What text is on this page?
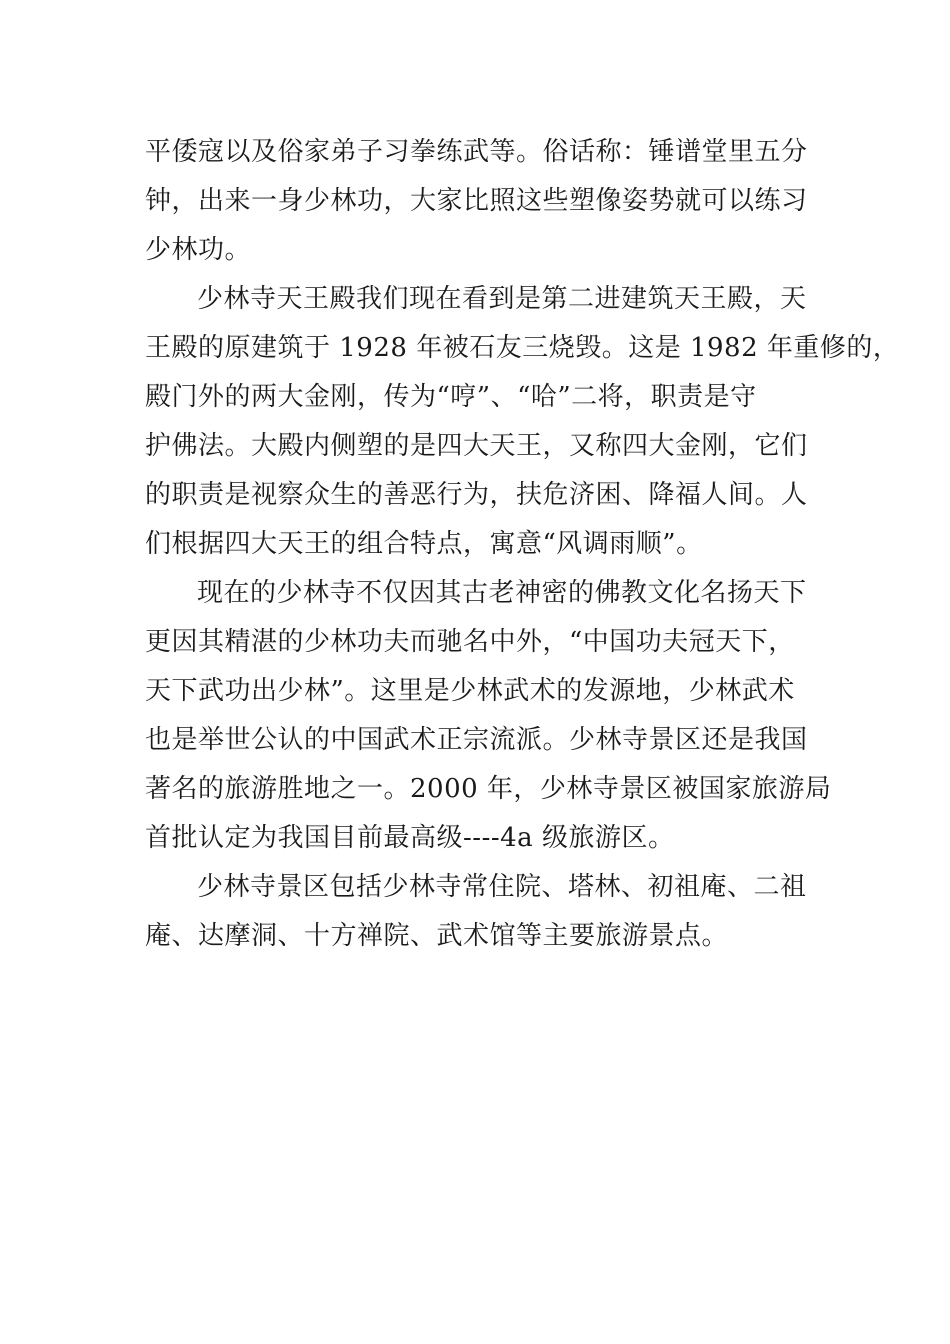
平倭寇以及俗家弟子习拳练武等。俗话称：锤谱堂里五分
钟，出来一身少林功，大家比照这些塑像姿势就可以练习
少林功。
少林寺天王殿我们现在看到是第二进建筑天王殿，天
王殿的原建筑于 1928 年被石友三烧毁。这是 1982 年重修的，
殿门外的两大金刚，传为“哼”、“哈”二将，职责是守
护佛法。大殿内侧塑的是四大天王，又称四大金刚，它们
的职责是视察众生的善恶行为，扶危济困、降福人间。人
们根据四大天王的组合特点，寓意“风调雨顺”。
现在的少林寺不仅因其古老神密的佛教文化名扬天下
更因其精湛的少林功夫而驰名中外，“中国功夫冠天下，
天下武功出少林”。这里是少林武术的发源地，少林武术
也是举世公认的中国武术正宗流派。少林寺景区还是我国
著名的旅游胜地之一。2000 年，少林寺景区被国家旅游局
首批认定为我国目前最高级----4a 级旅游区。
少林寺景区包括少林寺常住院、塔林、初祖庵、二祖
庵、达摩洞、十方禅院、武术馆等主要旅游景点。
